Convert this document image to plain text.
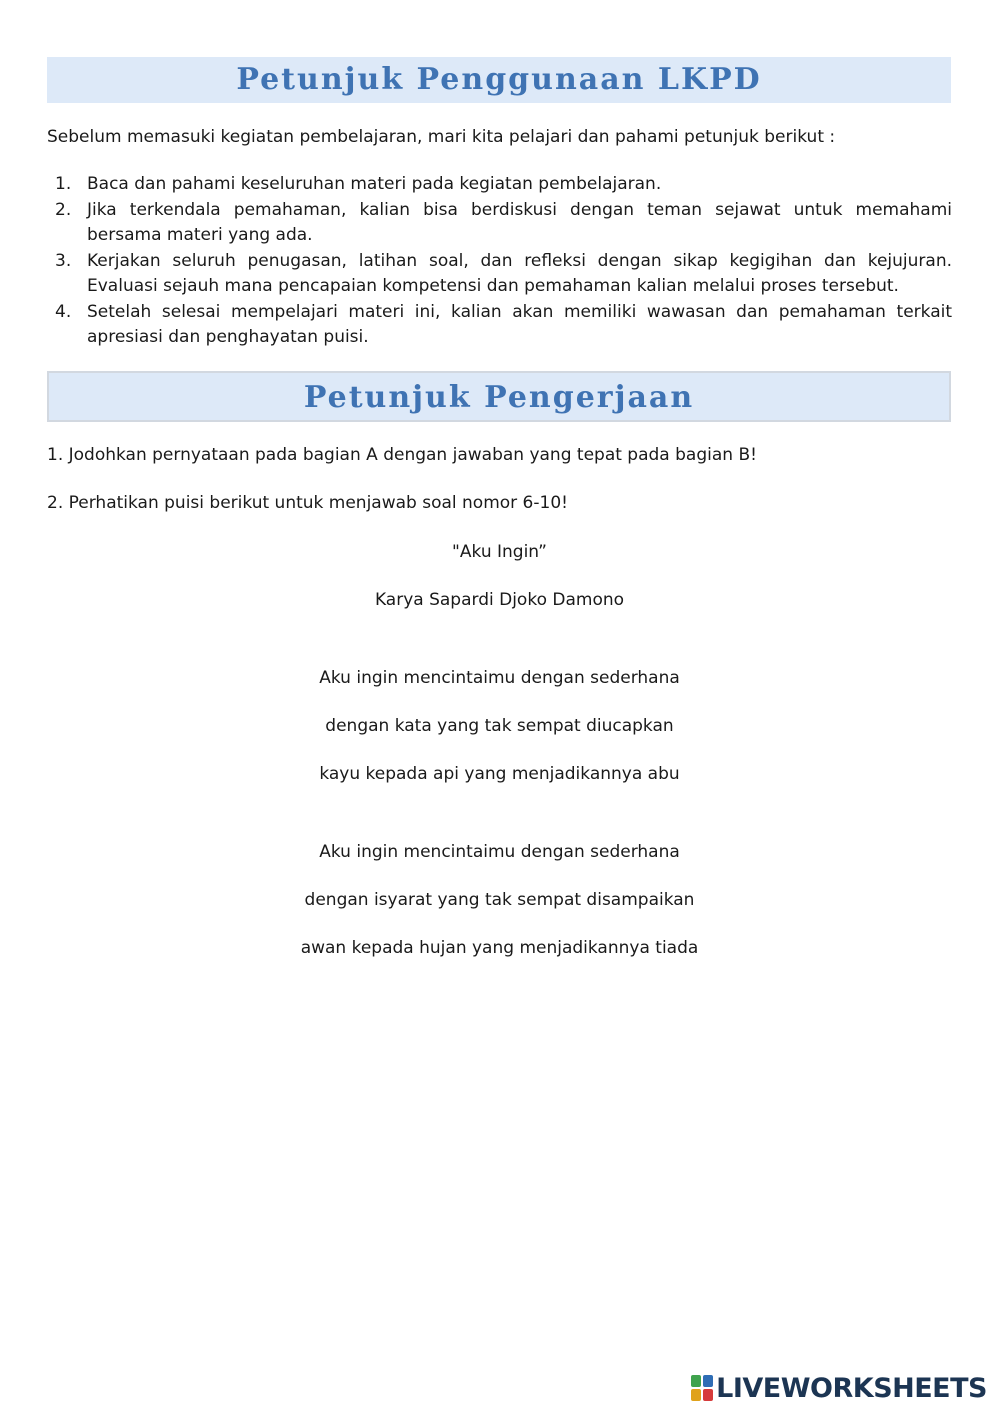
Petunjuk Penggunaan LKPD
Sebelum memasuki kegiatan pembelajaran, mari kita pelajari dan pahami petunjuk berikut :
1. Baca dan pahami keseluruhan materi pada kegiatan pembelajaran.
2. Jika terkendala pemahaman, kalian bisa berdiskusi dengan teman sejawat untuk memahami bersama materi yang ada.
3. Kerjakan seluruh penugasan, latihan soal, dan refleksi dengan sikap kegigihan dan kejujuran. Evaluasi sejauh mana pencapaian kompetensi dan pemahaman kalian melalui proses tersebut.
4. Setelah selesai mempelajari materi ini, kalian akan memiliki wawasan dan pemahaman terkait apresiasi dan penghayatan puisi.
Petunjuk Pengerjaan
1. Jodohkan pernyataan pada bagian A dengan jawaban yang tepat pada bagian B!
2. Perhatikan puisi berikut untuk menjawab soal nomor 6-10!
"Aku Ingin”
Karya Sapardi Djoko Damono
Aku ingin mencintaimu dengan sederhana
dengan kata yang tak sempat diucapkan
kayu kepada api yang menjadikannya abu
Aku ingin mencintaimu dengan sederhana
dengan isyarat yang tak sempat disampaikan
awan kepada hujan yang menjadikannya tiada
LIVEWORKSHEETS
